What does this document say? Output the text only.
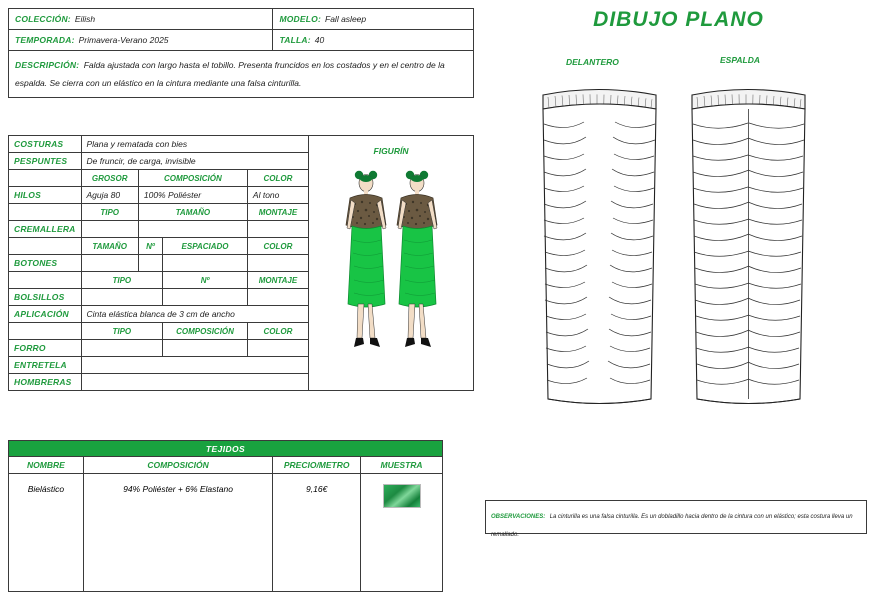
COLECCIÓN: Eilish	MODELO: Fall asleep
TEMPORADA: Primavera-Verano 2025	TALLA: 40
DESCRIPCIÓN: Falda ajustada con largo hasta el tobillo. Presenta fruncidos en los costados y en el centro de la espalda. Se cierra con un elástico en la cintura mediante una falsa cinturilla.
COSTURAS	Plana y rematada con bies				FIGURÍN

PESPUNTES	De fruncir, de carga, invisible				
	GROSOR	COMPOSICIÓN		COLOR	
HILOS	Aguja 80	100% Poliéster		Al tono	
	TIPO	TAMAÑO		MONTAJE	
CREMALLERA					
	TAMAÑO	Nº	ESPACIADO	COLOR	
BOTONES					
	TIPO		Nº	MONTAJE	
BOLSILLOS					
APLICACIÓN	Cinta elástica blanca de 3 cm de ancho				
	TIPO		COMPOSICIÓN	COLOR	
FORRO					
ENTRETELA					
HOMBRERAS					
TEJIDOS			
NOMBRE	COMPOSICIÓN	PRECIO/METRO	MUESTRA
Bielástico	94% Poliéster + 6% Elastano	9,16€	
DIBUJO PLANO
DELANTERO	ESPALDA
OBSERVACIONES: La cinturilla es una falsa cinturilla. Es un dobladillo hacia dentro de la cintura con un elástico; esta costura lleva un remallado.
